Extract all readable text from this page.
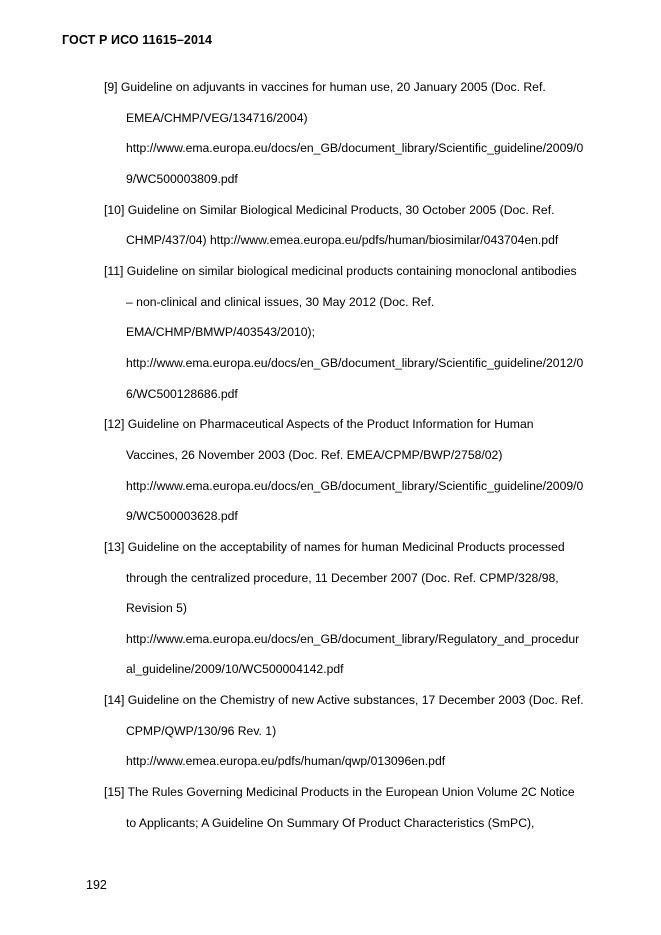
ГОСТ Р ИСО 11615–2014
[9] Guideline on adjuvants in vaccines for human use, 20 January 2005 (Doc. Ref.
EMEA/CHMP/VEG/134716/2004)
http://www.ema.europa.eu/docs/en_GB/document_library/Scientific_guideline/2009/0
9/WC500003809.pdf
[10] Guideline on Similar Biological Medicinal Products, 30 October 2005 (Doc. Ref.
CHMP/437/04) http://www.emea.europa.eu/pdfs/human/biosimilar/043704en.pdf
[11] Guideline on similar biological medicinal products containing monoclonal antibodies
– non-clinical and clinical issues, 30 May 2012 (Doc. Ref.
EMA/CHMP/BMWP/403543/2010);
http://www.ema.europa.eu/docs/en_GB/document_library/Scientific_guideline/2012/0
6/WC500128686.pdf
[12] Guideline on Pharmaceutical Aspects of the Product Information for Human
Vaccines, 26 November 2003 (Doc. Ref. EMEA/CPMP/BWP/2758/02)
http://www.ema.europa.eu/docs/en_GB/document_library/Scientific_guideline/2009/0
9/WC500003628.pdf
[13] Guideline on the acceptability of names for human Medicinal Products processed
through the centralized procedure, 11 December 2007 (Doc. Ref. CPMP/328/98,
Revision 5)
http://www.ema.europa.eu/docs/en_GB/document_library/Regulatory_and_procedur
al_guideline/2009/10/WC500004142.pdf
[14] Guideline on the Chemistry of new Active substances, 17 December 2003 (Doc. Ref.
CPMP/QWP/130/96 Rev. 1)
http://www.emea.europa.eu/pdfs/human/qwp/013096en.pdf
[15] The Rules Governing Medicinal Products in the European Union Volume 2C Notice
to Applicants; A Guideline On Summary Of Product Characteristics (SmPC),
192
